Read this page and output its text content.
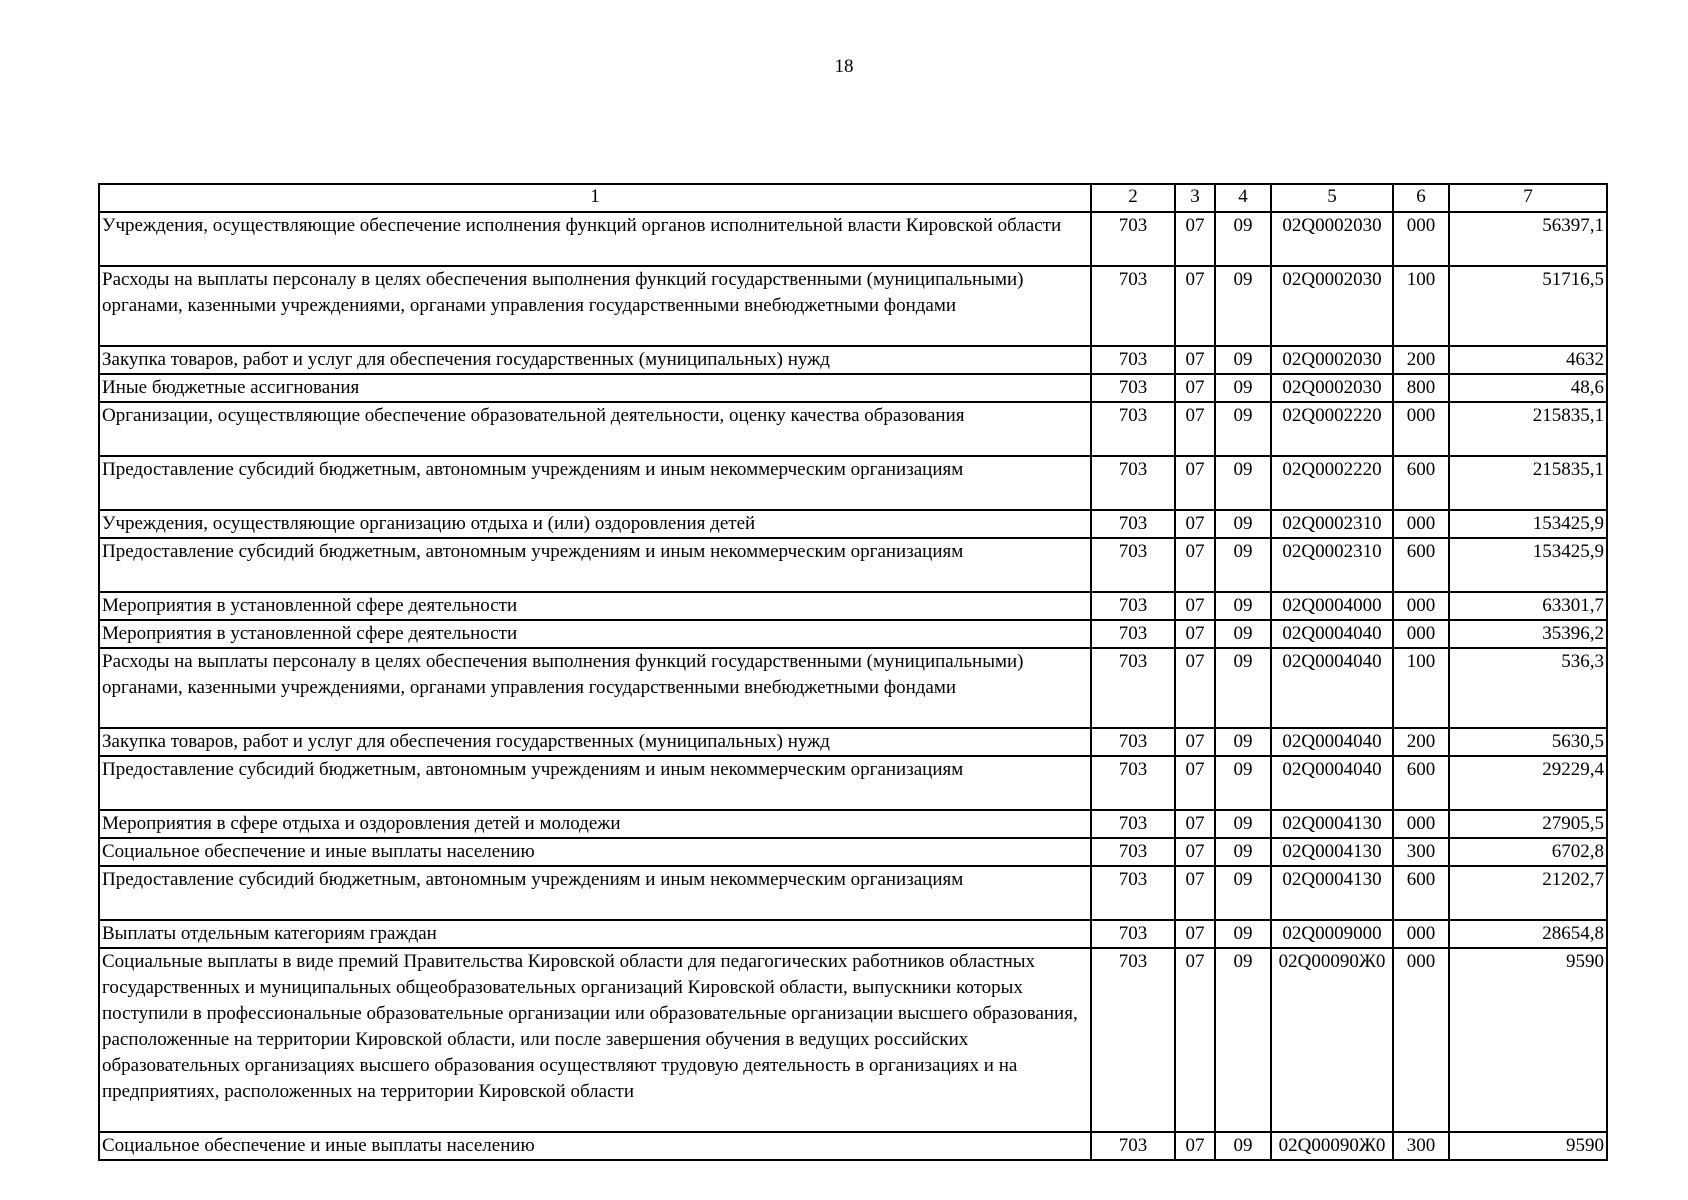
18
1	2	3	4	5	6	7
Учреждения, осуществляющие обеспечение исполнения функций органов исполнительной власти Кировской области	703	07	09	02Q0002030	000	56397,1
Расходы на выплаты персоналу в целях обеспечения выполнения функций государственными (муниципальными) органами, казенными учреждениями, органами управления государственными внебюджетными фондами	703	07	09	02Q0002030	100	51716,5
Закупка товаров, работ и услуг для обеспечения государственных (муниципальных) нужд	703	07	09	02Q0002030	200	4632
Иные бюджетные ассигнования	703	07	09	02Q0002030	800	48,6
Организации, осуществляющие обеспечение образовательной деятельности, оценку качества образования	703	07	09	02Q0002220	000	215835,1
Предоставление субсидий бюджетным, автономным учреждениям и иным некоммерческим организациям	703	07	09	02Q0002220	600	215835,1
Учреждения, осуществляющие организацию отдыха и (или) оздоровления детей	703	07	09	02Q0002310	000	153425,9
Предоставление субсидий бюджетным, автономным учреждениям и иным некоммерческим организациям	703	07	09	02Q0002310	600	153425,9
Мероприятия в установленной сфере деятельности	703	07	09	02Q0004000	000	63301,7
Мероприятия в установленной сфере деятельности	703	07	09	02Q0004040	000	35396,2
Расходы на выплаты персоналу в целях обеспечения выполнения функций государственными (муниципальными) органами, казенными учреждениями, органами управления государственными внебюджетными фондами	703	07	09	02Q0004040	100	536,3
Закупка товаров, работ и услуг для обеспечения государственных (муниципальных) нужд	703	07	09	02Q0004040	200	5630,5
Предоставление субсидий бюджетным, автономным учреждениям и иным некоммерческим организациям	703	07	09	02Q0004040	600	29229,4
Мероприятия в сфере отдыха и оздоровления детей и молодежи	703	07	09	02Q0004130	000	27905,5
Социальное обеспечение и иные выплаты населению	703	07	09	02Q0004130	300	6702,8
Предоставление субсидий бюджетным, автономным учреждениям и иным некоммерческим организациям	703	07	09	02Q0004130	600	21202,7
Выплаты отдельным категориям граждан	703	07	09	02Q0009000	000	28654,8
Социальные выплаты в виде премий Правительства Кировской области для педагогических работников областных государственных и муниципальных общеобразовательных организаций Кировской области, выпускники которых поступили в профессиональные образовательные организации или образовательные организации высшего образования, расположенные на территории Кировской области, или после завершения обучения в ведущих российских образовательных организациях высшего образования осуществляют трудовую деятельность в организациях и на предприятиях, расположенных на территории Кировской области	703	07	09	02Q00090Ж0	000	9590
Социальное обеспечение и иные выплаты населению	703	07	09	02Q00090Ж0	300	9590
